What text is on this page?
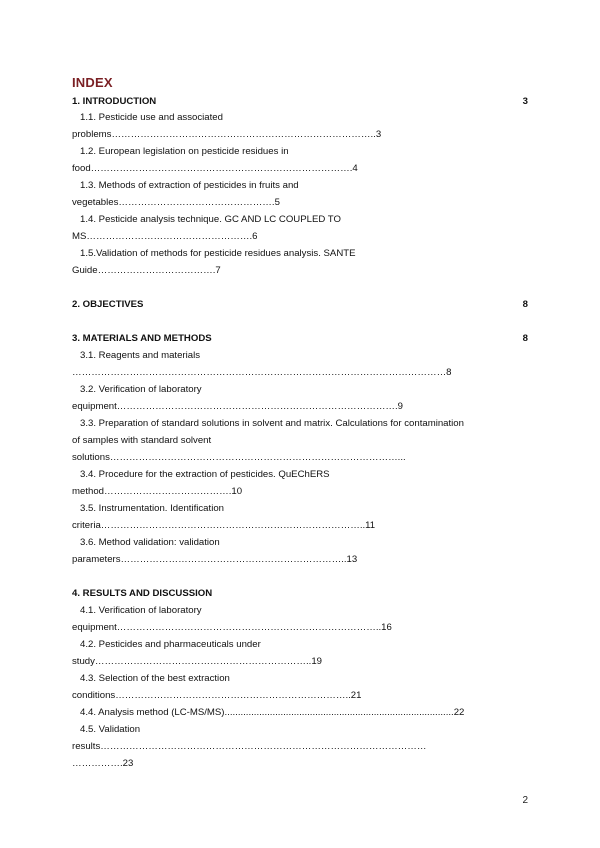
INDEX
1. INTRODUCTION	3
1.1. Pesticide use and associated
problems………………………………………………………………………..3
1.2. European legislation on pesticide residues in
food……………………………………………………………………….4
1.3. Methods of extraction of pesticides in fruits and
vegetables………………………………………….5
1.4. Pesticide analysis technique. GC AND LC COUPLED TO
MS…………………………………………….6
1.5.Validation of methods for pesticide residues analysis. SANTE
Guide……………………………….7
2. OBJECTIVES	8
3. MATERIALS AND METHODS	8
3.1. Reagents and materials
………………………………………………………………………………………………………8
3.2. Verification of laboratory
equipment…………………………………………………………………………….9
3.3. Preparation of standard solutions in solvent and matrix. Calculations for contamination
of samples with standard solvent
solutions………………………………………………………………………………...
3.4. Procedure for the extraction of pesticides. QuEChERS
method………………………………….10
3.5. Instrumentation. Identification
criteria………………………………………………………………………..11
3.6. Method validation: validation
parameters……………………………………………………………..13
4. RESULTS AND DISCUSSION
4.1. Verification of laboratory
equipment………………………………………………………………………..16
4.2. Pesticides and pharmaceuticals under
study…………………………………………………………..19
4.3. Selection of the best extraction
conditions………………………………………………………………..21
4.4. Analysis method (LC-MS/MS)......................................................................................22
4.5. Validation
results…………………………………………………………………………………………
…………….23
2
